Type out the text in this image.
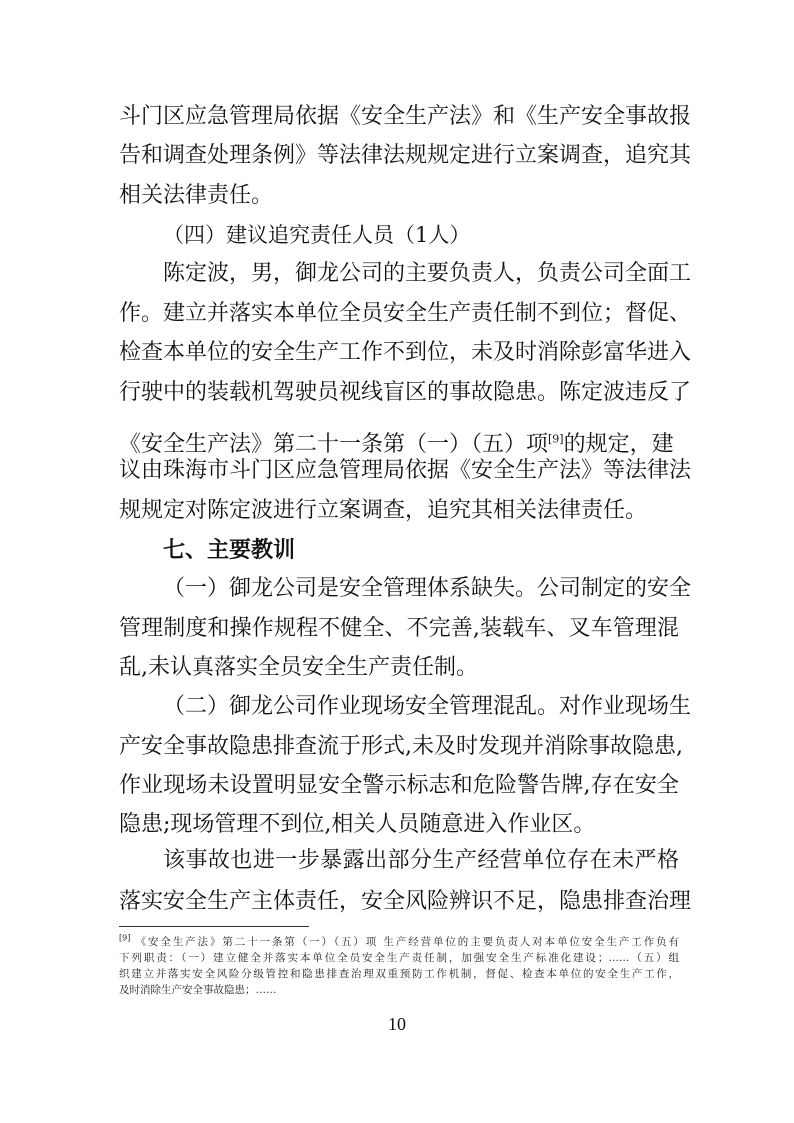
斗门区应急管理局依据《安全生产法》和《生产安全事故报
告和调查处理条例》等法律法规规定进行立案调查，追究其
相关法律责任。
（四）建议追究责任人员（1人）
陈定波，男，御龙公司的主要负责人，负责公司全面工
作。建立并落实本单位全员安全生产责任制不到位；督促、
检查本单位的安全生产工作不到位，未及时消除彭富华进入
行驶中的装载机驾驶员视线盲区的事故隐患。陈定波违反了
《安全生产法》第二十一条第（一）（五）项[9]的规定，建
议由珠海市斗门区应急管理局依据《安全生产法》等法律法
规规定对陈定波进行立案调查，追究其相关法律责任。
七、主要教训
（一）御龙公司是安全管理体系缺失。公司制定的安全
管理制度和操作规程不健全、不完善,装载车、叉车管理混
乱,未认真落实全员安全生产责任制。
（二）御龙公司作业现场安全管理混乱。对作业现场生
产安全事故隐患排查流于形式,未及时发现并消除事故隐患,
作业现场未设置明显安全警示标志和危险警告牌,存在安全
隐患;现场管理不到位,相关人员随意进入作业区。
该事故也进一步暴露出部分生产经营单位存在未严格
[9] 《安全生产法》第二十一条第（一）（五）项 生产经营单位的主要负责人对本单位安全生产工作负有
下列职责：（一）建立健全并落实本单位全员安全生产责任制，加强安全生产标准化建设；……（五）组
织建立并落实安全风险分级管控和隐患排查治理双重预防工作机制，督促、检查本单位的安全生产工作，
及时消除生产安全事故隐患；……
10
落实安全生产主体责任，安全风险辨识不足，隐患排查治理
